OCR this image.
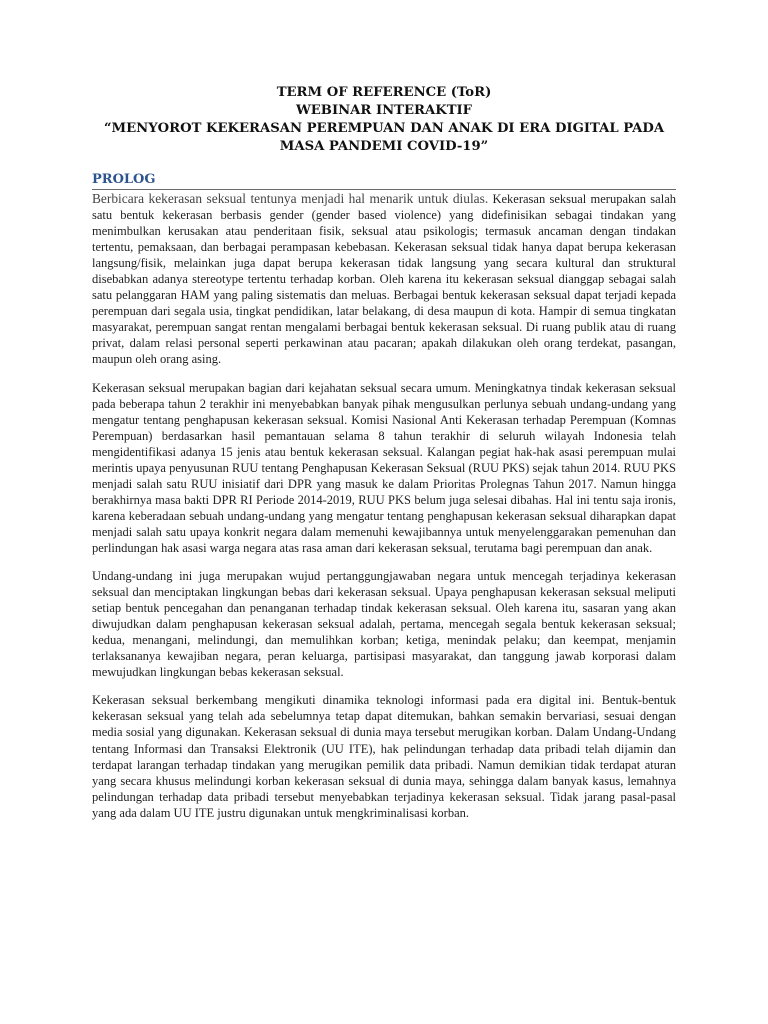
TERM OF REFERENCE (ToR)

WEBINAR INTERAKTIF

“MENYOROT KEKERASAN PEREMPUAN DAN ANAK DI ERA DIGITAL PADA

MASA PANDEMI COVID-19”

PROLOG

Berbicara kekerasan seksual tentunya menjadi hal menarik untuk diulas. Kekerasan seksual merupakan salah satu bentuk kekerasan berbasis gender (gender based violence) yang didefinisikan sebagai tindakan yang menimbulkan kerusakan atau penderitaan fisik, seksual atau psikologis; termasuk ancaman dengan tindakan tertentu, pemaksaan, dan berbagai perampasan kebebasan. Kekerasan seksual tidak hanya dapat berupa kekerasan langsung/fisik, melainkan juga dapat berupa kekerasan tidak langsung yang secara kultural dan struktural disebabkan adanya stereotype tertentu terhadap korban. Oleh karena itu kekerasan seksual dianggap sebagai salah satu pelanggaran HAM yang paling sistematis dan meluas. Berbagai bentuk kekerasan seksual dapat terjadi kepada perempuan dari segala usia, tingkat pendidikan, latar belakang, di desa maupun di kota. Hampir di semua tingkatan masyarakat, perempuan sangat rentan mengalami berbagai bentuk kekerasan seksual. Di ruang publik atau di ruang privat, dalam relasi personal seperti perkawinan atau pacaran; apakah dilakukan oleh orang terdekat, pasangan, maupun oleh orang asing.

Kekerasan seksual merupakan bagian dari kejahatan seksual secara umum. Meningkatnya tindak kekerasan seksual pada beberapa tahun 2 terakhir ini menyebabkan banyak pihak mengusulkan perlunya sebuah undang-undang yang mengatur tentang penghapusan kekerasan seksual. Komisi Nasional Anti Kekerasan terhadap Perempuan (Komnas Perempuan) berdasarkan hasil pemantauan selama 8 tahun terakhir di seluruh wilayah Indonesia telah mengidentifikasi adanya 15 jenis atau bentuk kekerasan seksual. Kalangan pegiat hak-hak asasi perempuan mulai merintis upaya penyusunan RUU tentang Penghapusan Kekerasan Seksual (RUU PKS) sejak tahun 2014. RUU PKS menjadi salah satu RUU inisiatif dari DPR yang masuk ke dalam Prioritas Prolegnas Tahun 2017. Namun hingga berakhirnya masa bakti DPR RI Periode 2014-2019, RUU PKS belum juga selesai dibahas. Hal ini tentu saja ironis, karena keberadaan sebuah undang-undang yang mengatur tentang penghapusan kekerasan seksual diharapkan dapat menjadi salah satu upaya konkrit negara dalam memenuhi kewajibannya untuk menyelenggarakan pemenuhan dan perlindungan hak asasi warga negara atas rasa aman dari kekerasan seksual, terutama bagi perempuan dan anak.

Undang-undang ini juga merupakan wujud pertanggungjawaban negara untuk mencegah terjadinya kekerasan seksual dan menciptakan lingkungan bebas dari kekerasan seksual. Upaya penghapusan kekerasan seksual meliputi setiap bentuk pencegahan dan penanganan terhadap tindak kekerasan seksual. Oleh karena itu, sasaran yang akan diwujudkan dalam penghapusan kekerasan seksual adalah, pertama, mencegah segala bentuk kekerasan seksual; kedua, menangani, melindungi, dan memulihkan korban; ketiga, menindak pelaku; dan keempat, menjamin terlaksananya kewajiban negara, peran keluarga, partisipasi masyarakat, dan tanggung jawab korporasi dalam mewujudkan lingkungan bebas kekerasan seksual.

Kekerasan seksual berkembang mengikuti dinamika teknologi informasi pada era digital ini. Bentuk-bentuk kekerasan seksual yang telah ada sebelumnya tetap dapat ditemukan, bahkan semakin bervariasi, sesuai dengan media sosial yang digunakan. Kekerasan seksual di dunia maya tersebut merugikan korban. Dalam Undang-Undang tentang Informasi dan Transaksi Elektronik (UU ITE), hak pelindungan terhadap data pribadi telah dijamin dan terdapat larangan terhadap tindakan yang merugikan pemilik data pribadi. Namun demikian tidak terdapat aturan yang secara khusus melindungi korban kekerasan seksual di dunia maya, sehingga dalam banyak kasus, lemahnya pelindungan terhadap data pribadi tersebut menyebabkan terjadinya kekerasan seksual. Tidak jarang pasal-pasal yang ada dalam UU ITE justru digunakan untuk mengkriminalisasi korban.
